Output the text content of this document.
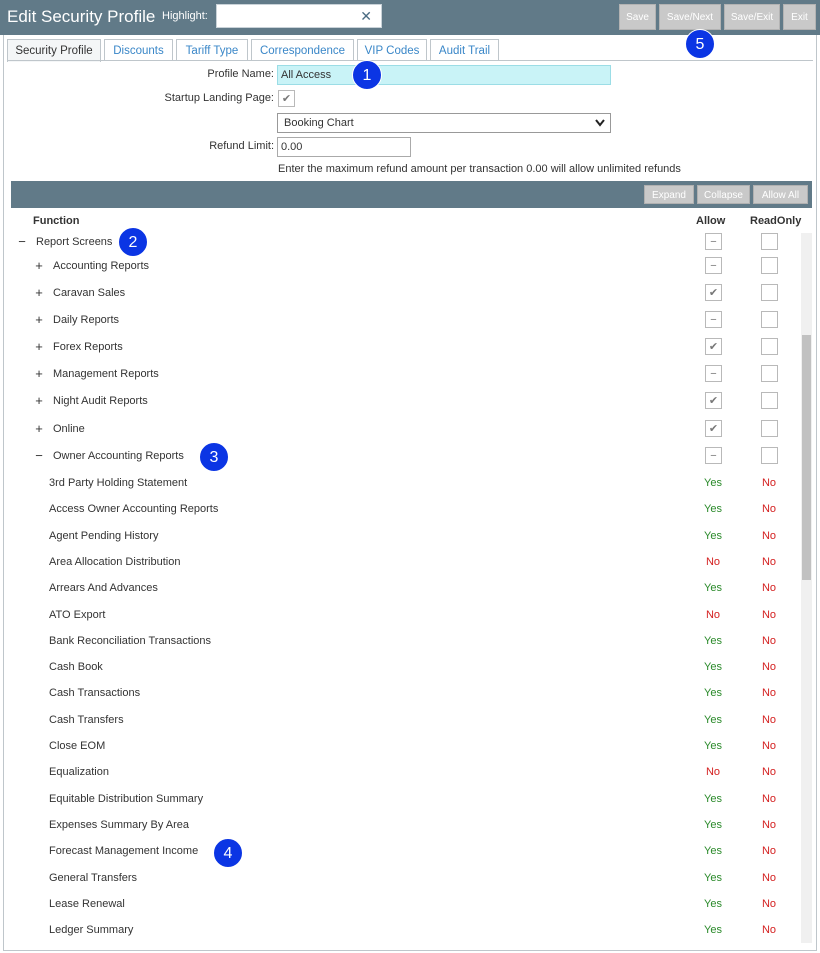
Edit Security Profile Highlight:	✕	Save	Save/Next	Save/Exit	Exit
Security Profile	Discounts	Tariff Type	Correspondence	VIP Codes	Audit Trail
Profile Name: All Access
Startup Landing Page: ✔
Booking Chart
Refund Limit: 0.00
Enter the maximum refund amount per transaction 0.00 will allow unlimited refunds
Expand	Collapse	Allow All
Function	Allow ReadOnly
− Report Screens	−
+ Accounting Reports	−
+ Caravan Sales	✔
+ Daily Reports	−
+ Forex Reports	✔
+ Management Reports	−
+ Night Audit Reports	✔
+ Online	✔
− Owner Accounting Reports	−
3rd Party Holding Statement	Yes	No
Access Owner Accounting Reports	Yes	No
Agent Pending History	Yes	No
Area Allocation Distribution	No	No
Arrears And Advances	Yes	No
ATO Export	No	No
Bank Reconciliation Transactions	Yes	No
Cash Book	Yes	No
Cash Transactions	Yes	No
Cash Transfers	Yes	No
Close EOM	Yes	No
Equalization	No	No
Equitable Distribution Summary	Yes	No
Expenses Summary By Area	Yes	No
Forecast Management Income	Yes	No
General Transfers	Yes	No
Lease Renewal	Yes	No
Ledger Summary	Yes	No
1
2
3
4
5
